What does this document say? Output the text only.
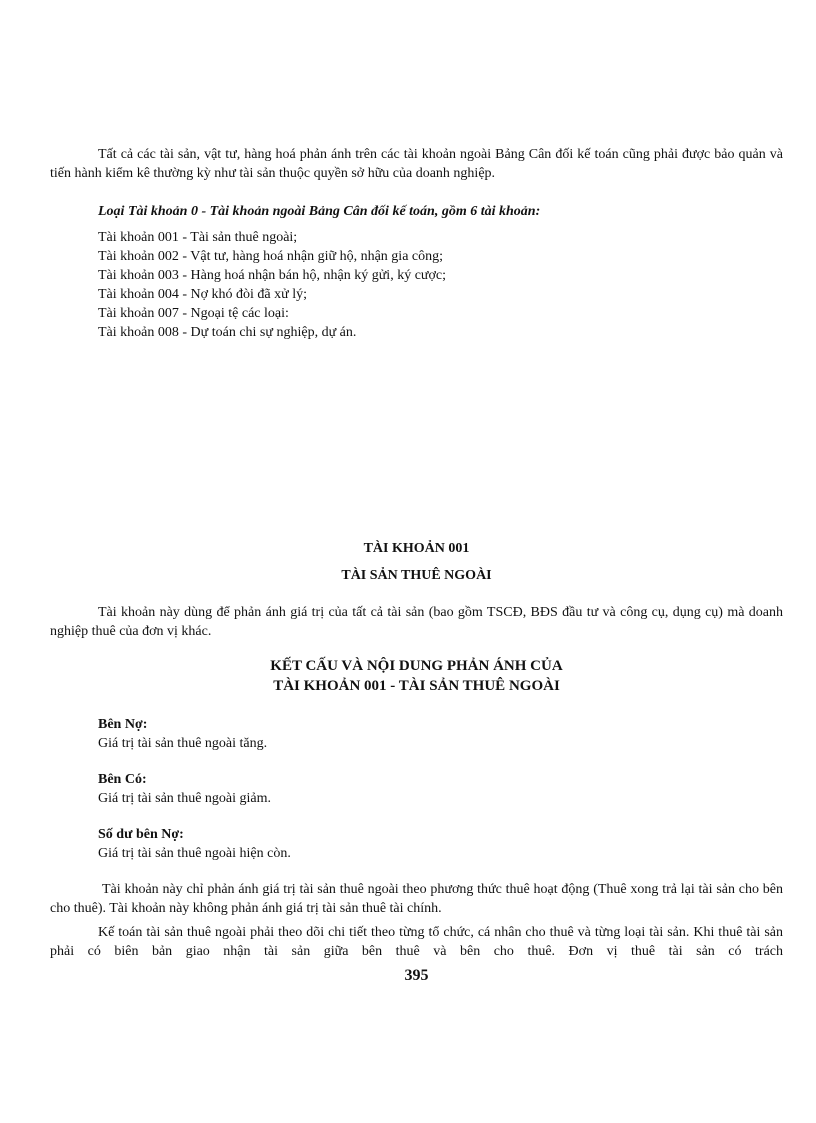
Tất cả các tài sản, vật tư, hàng hoá phản ánh trên các tài khoản ngoài Bảng Cân đối kế toán cũng phải được bảo quản và tiến hành kiểm kê thường kỳ như tài sản thuộc quyền sở hữu của doanh nghiệp.

Loại Tài khoản 0 - Tài khoản ngoài Bảng Cân đối kế toán, gồm 6 tài khoản:

Tài khoản 001 - Tài sản thuê ngoài;
Tài khoản 002 - Vật tư, hàng hoá nhận giữ hộ, nhận gia công;
Tài khoản 003 - Hàng hoá nhận bán hộ, nhận ký gửi, ký cược;
Tài khoản 004 - Nợ khó đòi đã xử lý;
Tài khoản 007 - Ngoại tệ các loại:
Tài khoản 008 - Dự toán chi sự nghiệp, dự án.

TÀI KHOẢN 001

TÀI SẢN THUÊ NGOÀI

Tài khoản này dùng để phản ánh giá trị của tất cả tài sản (bao gồm TSCĐ, BĐS đầu tư và công cụ, dụng cụ) mà doanh nghiệp thuê của đơn vị khác.

KẾT CẤU VÀ NỘI DUNG PHẢN ÁNH CỦA

TÀI KHOẢN 001 - TÀI SẢN THUÊ NGOÀI

Bên Nợ:

Giá trị tài sản thuê ngoài tăng.

Bên Có:

Giá trị tài sản thuê ngoài giảm.

Số dư bên Nợ:

Giá trị tài sản thuê ngoài hiện còn.

Tài khoản này chỉ phản ánh giá trị tài sản thuê ngoài theo phương thức thuê hoạt động (Thuê xong trả lại tài sản cho bên cho thuê). Tài khoản này không phản ánh giá trị tài sản thuê tài chính.

Kế toán tài sản thuê ngoài phải theo dõi chi tiết theo từng tổ chức, cá nhân cho thuê và từng loại tài sản. Khi thuê tài sản phải có biên bản giao nhận tài sản giữa bên thuê và bên cho thuê. Đơn vị thuê tài sản có trách

395
